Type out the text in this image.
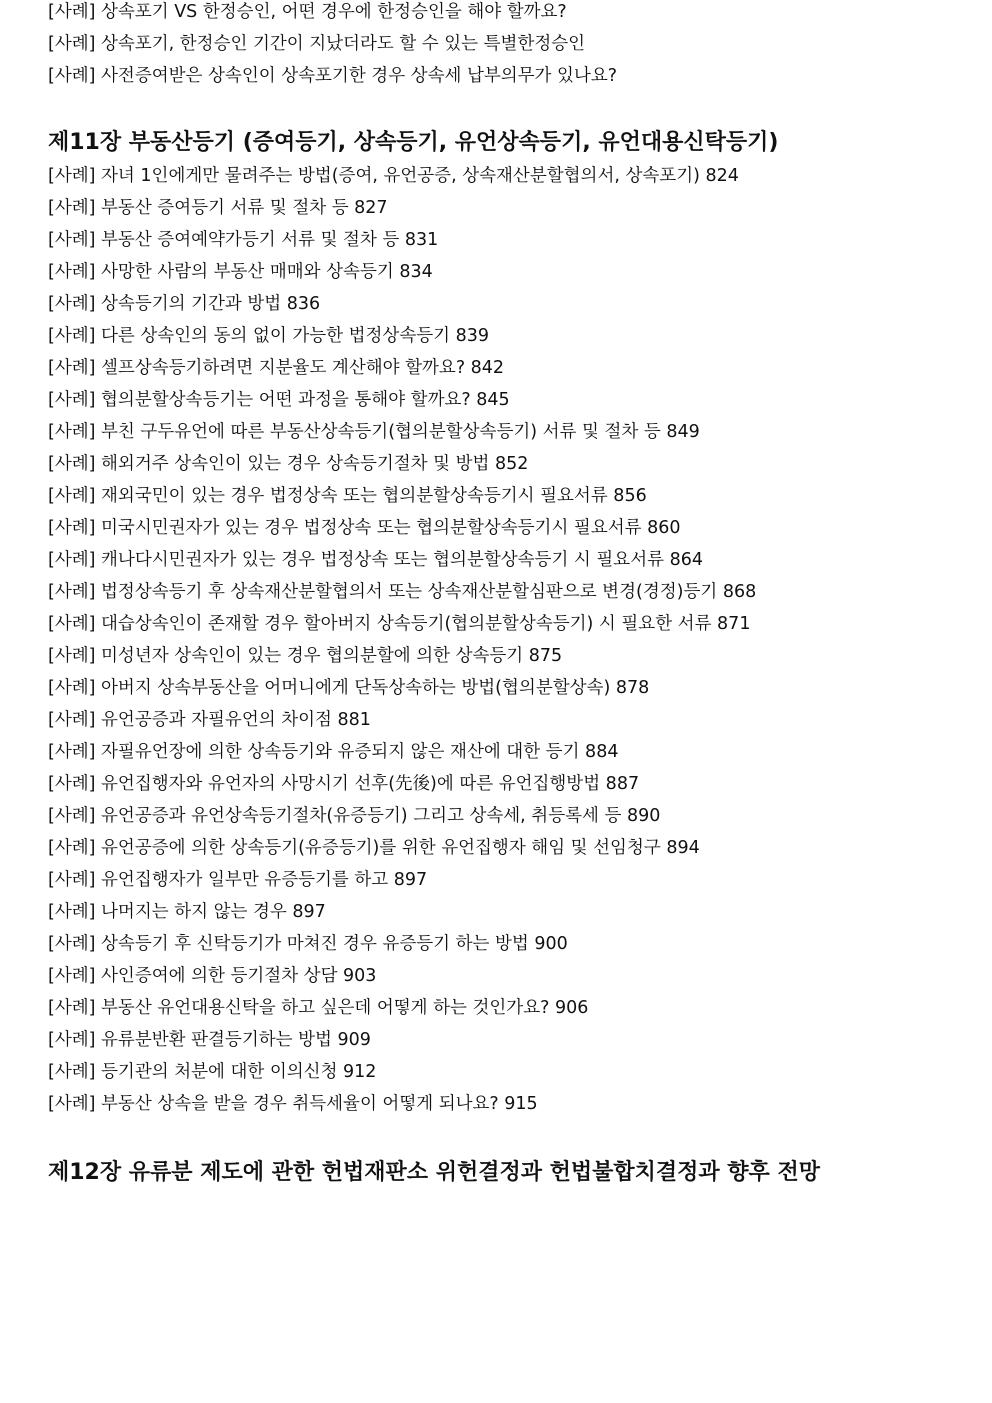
[사례] 상속포기 VS 한정승인, 어떤 경우에 한정승인을 해야 할까요?
[사례] 상속포기, 한정승인 기간이 지났더라도 할 수 있는 특별한정승인
[사례] 사전증여받은 상속인이 상속포기한 경우 상속세 납부의무가 있나요?
제11장 부동산등기 (증여등기, 상속등기, 유언상속등기, 유언대용신탁등기)
[사례] 자녀 1인에게만 물려주는 방법(증여, 유언공증, 상속재산분할협의서, 상속포기) 824
[사례] 부동산 증여등기 서류 및 절차 등 827
[사례] 부동산 증여예약가등기 서류 및 절차 등 831
[사례] 사망한 사람의 부동산 매매와 상속등기 834
[사례] 상속등기의 기간과 방법 836
[사례] 다른 상속인의 동의 없이 가능한 법정상속등기 839
[사례] 셀프상속등기하려면 지분율도 계산해야 할까요? 842
[사례] 협의분할상속등기는 어떤 과정을 통해야 할까요? 845
[사례] 부친 구두유언에 따른 부동산상속등기(협의분할상속등기) 서류 및 절차 등 849
[사례] 해외거주 상속인이 있는 경우 상속등기절차 및 방법 852
[사례] 재외국민이 있는 경우 법정상속 또는 협의분할상속등기시 필요서류 856
[사례] 미국시민권자가 있는 경우 법정상속 또는 협의분할상속등기시 필요서류 860
[사례] 캐나다시민권자가 있는 경우 법정상속 또는 협의분할상속등기 시 필요서류 864
[사례] 법정상속등기 후 상속재산분할협의서 또는 상속재산분할심판으로 변경(경정)등기 868
[사례] 대습상속인이 존재할 경우 할아버지 상속등기(협의분할상속등기) 시 필요한 서류 871
[사례] 미성년자 상속인이 있는 경우 협의분할에 의한 상속등기 875
[사례] 아버지 상속부동산을 어머니에게 단독상속하는 방법(협의분할상속) 878
[사례] 유언공증과 자필유언의 차이점 881
[사례] 자필유언장에 의한 상속등기와 유증되지 않은 재산에 대한 등기 884
[사례] 유언집행자와 유언자의 사망시기 선후(先後)에 따른 유언집행방법 887
[사례] 유언공증과 유언상속등기절차(유증등기) 그리고 상속세, 취등록세 등 890
[사례] 유언공증에 의한 상속등기(유증등기)를 위한 유언집행자 해임 및 선임청구 894
[사례] 유언집행자가 일부만 유증등기를 하고 897
[사례] 나머지는 하지 않는 경우 897
[사례] 상속등기 후 신탁등기가 마쳐진 경우 유증등기 하는 방법 900
[사례] 사인증여에 의한 등기절차 상담 903
[사례] 부동산 유언대용신탁을 하고 싶은데 어떻게 하는 것인가요? 906
[사례] 유류분반환 판결등기하는 방법 909
[사례] 등기관의 처분에 대한 이의신청 912
[사례] 부동산 상속을 받을 경우 취득세율이 어떻게 되나요? 915
제12장 유류분 제도에 관한 헌법재판소 위헌결정과 헌법불합치결정과 향후 전망
